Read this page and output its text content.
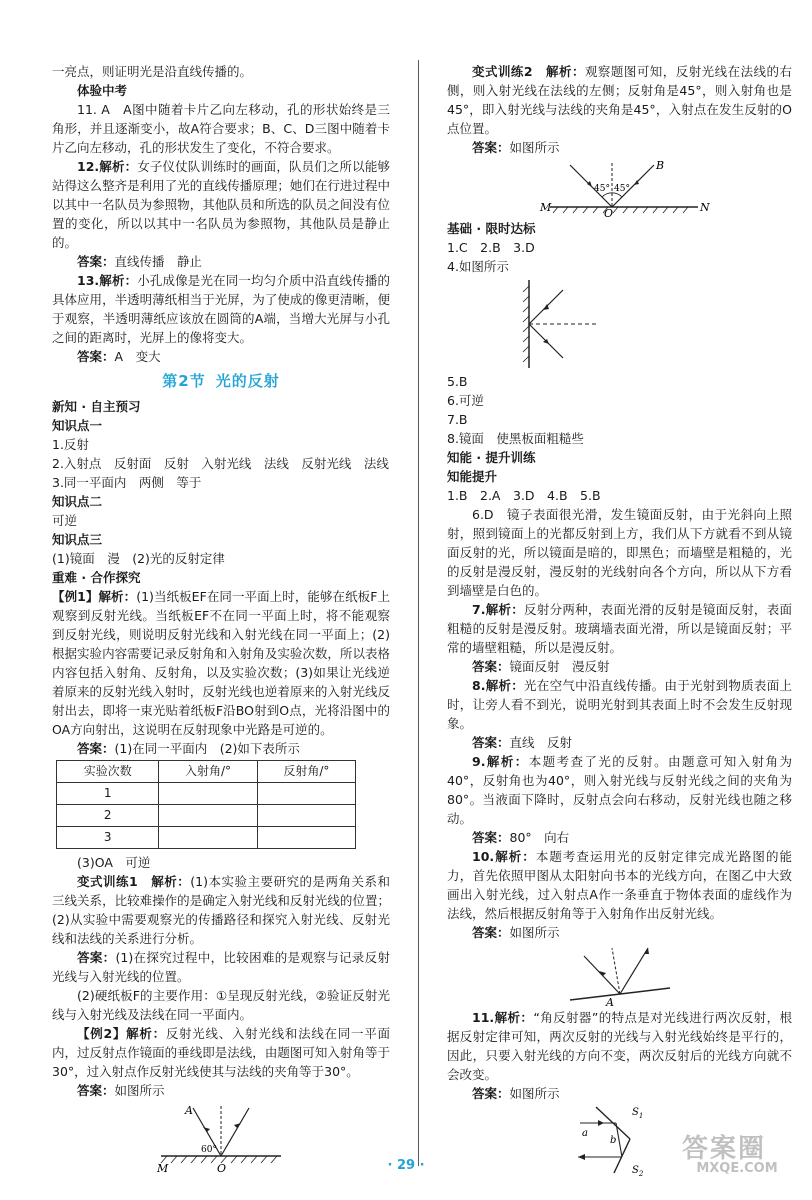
一亮点，则证明光是沿直线传播的。

体验中考

11. A　A图中随着卡片乙向左移动，孔的形状始终是三角形，并且逐渐变小，故A符合要求；B、C、D三图中随着卡片乙向左移动，孔的形状发生了变化，不符合要求。

12.解析：女子仪仗队训练时的画面，队员们之所以能够站得这么整齐是利用了光的直线传播原理；她们在行进过程中以其中一名队员为参照物，其他队员和所选的队员之间没有位置的变化，所以以其中一名队员为参照物，其他队员是静止的。

答案：直线传播　静止

13.解析：小孔成像是光在同一均匀介质中沿直线传播的具体应用，半透明薄纸相当于光屏，为了使成的像更清晰，便于观察，半透明薄纸应该放在圆筒的A端，当增大光屏与小孔之间的距离时，光屏上的像将变大。

答案：A　变大

第2节 光的反射

新知 · 自主预习

知识点一

1.反射

2.入射点　反射面　反射　入射光线　法线　反射光线　法线

3.同一平面内　两侧　等于

知识点二

可逆

知识点三

(1)镜面　漫　(2)光的反射定律

重难 · 合作探究

【例1】解析：(1)当纸板EF在同一平面上时，能够在纸板F上观察到反射光线。当纸板EF不在同一平面上时，将不能观察到反射光线，则说明反射光线和入射光线在同一平面上；(2)根据实验内容需要记录反射角和入射角及实验次数，所以表格内容包括入射角、反射角，以及实验次数；(3)如果让光线逆着原来的反射光线入射时，反射光线也逆着原来的入射光线反射出去，即将一束光贴着纸板F沿BO射到O点，光将沿图中的OA方向射出，这说明在反射现象中光路是可逆的。

答案：(1)在同一平面内　(2)如下表所示

实验次数	入射角/°	反射角/°
1		
2		
3		

(3)OA　可逆

变式训练1　 解析：(1)本实验主要研究的是两角关系和三线关系，比较难操作的是确定入射光线和反射光线的位置；(2)从实验中需要观察光的传播路径和探究入射光线、反射光线和法线的关系进行分析。

答案：(1)在探究过程中，比较困难的是观察与记录反射光线与入射光线的位置。

(2)硬纸板F的主要作用：①呈现反射光线，②验证反射光线与入射光线及法线在同一平面内。

【例2】解析：反射光线、入射光线和法线在同一平面内，过反射点作镜面的垂线即是法线，由题图可知入射角等于30°，过入射点作反射光线使其与法线的夹角等于30°。

答案：如图所示

A
60°
M	O

变式训练2　 解析：观察题图可知，反射光线在法线的右侧，则入射光线在法线的左侧；反射角是45°，则入射角也是45°，即入射光线与法线的夹角是45°，入射点在发生反射的O点位置。

答案：如图所示

B
45° 45°
M	O	N

基础 · 限时达标

1.C　2.B　3.D

4.如图所示

5.B

6.可逆

7.B

8.镜面　使黑板面粗糙些

知能 · 提升训练

知能提升

1.B　2.A　3.D　4.B　5.B

6.D　镜子表面很光滑，发生镜面反射，由于光斜向上照射，照到镜面上的光都反射到上方，我们从下方就看不到从镜面反射的光，所以镜面是暗的，即黑色；而墙壁是粗糙的，光的反射是漫反射，漫反射的光线射向各个方向，所以从下方看到墙壁是白色的。

7.解析：反射分两种，表面光滑的反射是镜面反射，表面粗糙的反射是漫反射。玻璃墙表面光滑，所以是镜面反射；平常的墙壁粗糙，所以是漫反射。

答案：镜面反射　漫反射

8.解析：光在空气中沿直线传播。由于光射到物质表面上时，让旁人看不到光，说明光射到其表面上时不会发生反射现象。

答案：直线　反射

9.解析：本题考查了光的反射。由题意可知入射角为40°，反射角也为40°，则入射光线与反射光线之间的夹角为80°。当液面下降时，反射点会向右移动，反射光线也随之移动。

答案：80°　向右

10.解析：本题考查运用光的反射定律完成光路图的能力，首先依照甲图从太阳射向书本的光线方向，在图乙中大致画出入射光线，过入射点A作一条垂直于物体表面的虚线作为法线，然后根据反射角等于入射角作出反射光线。

答案：如图所示

A

11.解析：“角反射器”的特点是对光线进行两次反射，根据反射定律可知，两次反射的光线与入射光线始终是平行的，因此，只要入射光线的方向不变，两次反射后的光线方向就不会改变。

答案：如图所示

a
b
$S_1$
$S_2$
· 29 ·
答案圈
MXQE.COM
